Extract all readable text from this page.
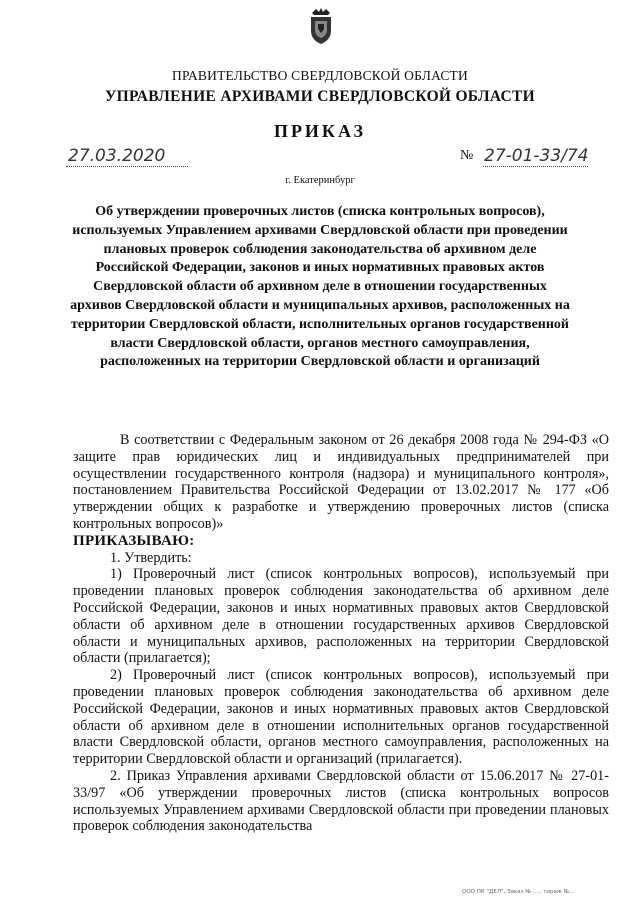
ПРАВИТЕЛЬСТВО СВЕРДЛОВСКОЙ ОБЛАСТИ
УПРАВЛЕНИЕ АРХИВАМИ СВЕРДЛОВСКОЙ ОБЛАСТИ
ПРИКАЗ
27.03.2020	№ 27-01-33/74
г. Екатеринбург
Об утверждении проверочных листов (списка контрольных вопросов), используемых Управлением архивами Свердловской области при проведении плановых проверок соблюдения законодательства об архивном деле Российской Федерации, законов и иных нормативных правовых актов Свердловской области об архивном деле в отношении государственных архивов Свердловской области и муниципальных архивов, расположенных на территории Свердловской области, исполнительных органов государственной власти Свердловской области, органов местного самоуправления, расположенных на территории Свердловской области и организаций

В соответствии с Федеральным законом от 26 декабря 2008 года № 294-ФЗ «О защите прав юридических лиц и индивидуальных предпринимателей при осуществлении государственного контроля (надзора) и муниципального контроля», постановлением Правительства Российской Федерации от 13.02.2017 № 177 «Об утверждении общих к разработке и утверждению проверочных листов (списка контрольных вопросов)»

ПРИКАЗЫВАЮ:

1. Утвердить:

1) Проверочный лист (список контрольных вопросов), используемый при проведении плановых проверок соблюдения законодательства об архивном деле Российской Федерации, законов и иных нормативных правовых актов Свердловской области об архивном деле в отношении государственных архивов Свердловской области и муниципальных архивов, расположенных на территории Свердловской области (прилагается);

2) Проверочный лист (список контрольных вопросов), используемый при проведении плановых проверок соблюдения законодательства об архивном деле Российской Федерации, законов и иных нормативных правовых актов Свердловской области об архивном деле в отношении исполнительных органов государственной власти Свердловской области, органов местного самоуправления, расположенных на территории Свердловской области и организаций (прилагается).

2. Приказ Управления архивами Свердловской области от 15.06.2017 № 27-01-33/97 «Об утверждении проверочных листов (списка контрольных вопросов используемых Управлением архивами Свердловской области при проведении плановых проверок соблюдения законодательства

ООО ПК "ДЕЛ", Заказ № ...., тираж №...
